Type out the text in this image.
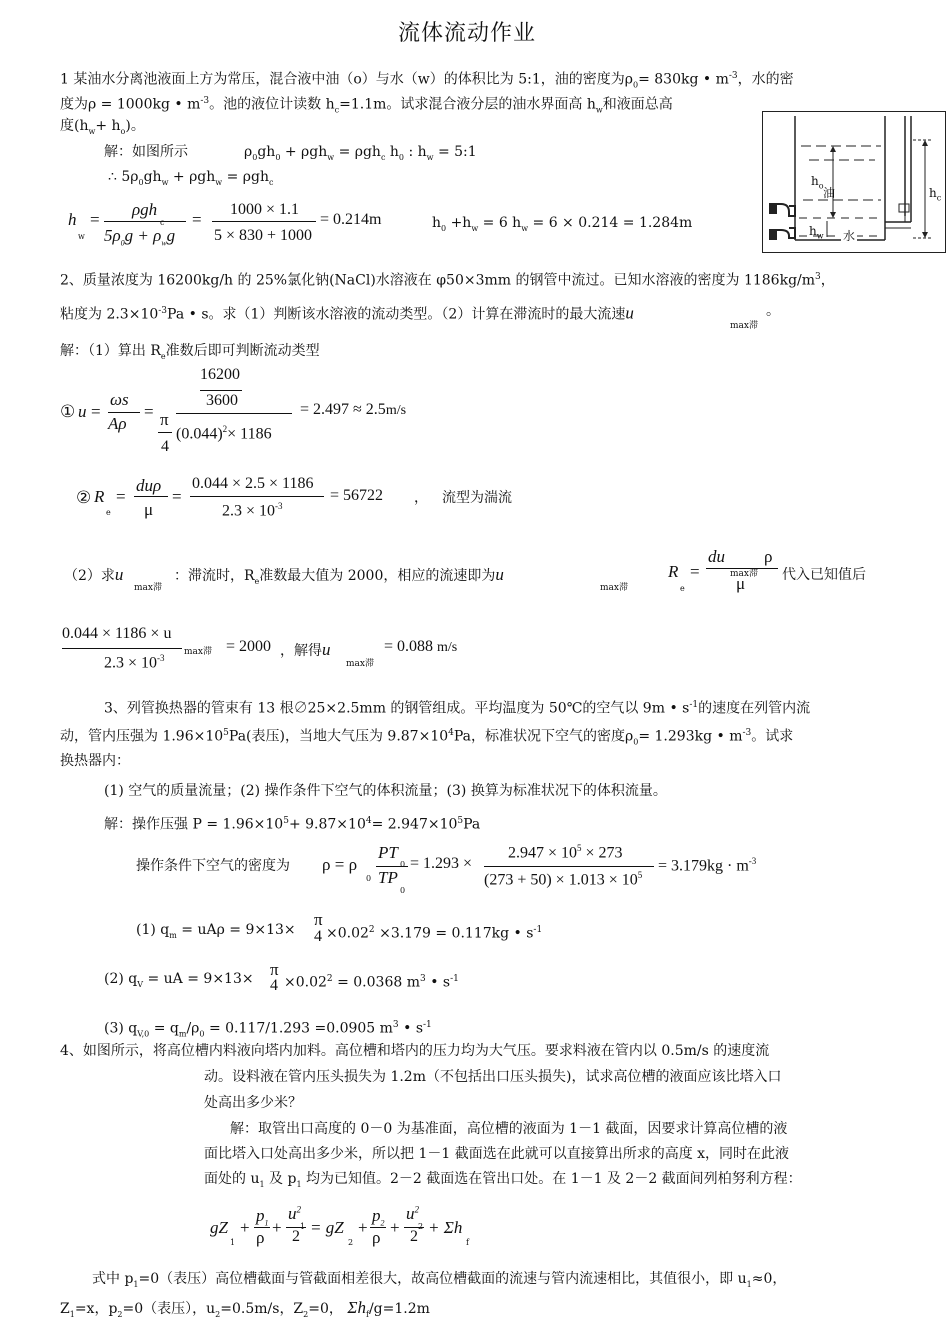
流体流动作业
1 某油水分离池液面上方为常压，混合液中油（o）与水（w）的体积比为 5:1，油的密度为$\rho_0= 830kg$ • $m^{-3}$，水的密
度为ρ = 1000kg • $m^{-3}$。池的液位计读数 $h_c=1.1m$。试求混合液分层的油水界面高 $h_w$和液面总高
度$(h_w+ h_o)$。
解：如图所示	$\rho_0gh_0 + \rho gh_w = \rho gh_c$ $h_0$ : $h_w$ = 5:1
∴ $5\rho_0gh_w + \rho gh_w = \rho gh_c$
h
w
=
ρgh
c
$5\rho_0g + \rho_wg$
=
1000 × 1.1
5 × 830 + 1000
= 0.214m	$h_0 +h_w = 6$ $h_w = 6 \times 0.214 = 1.284m$
$h_o$
油	$h_c$
$h_w$ 水
2、质量浓度为 16200kg/h 的 25%氯化钠(NaCl)水溶液在 φ50×3mm 的钢管中流过。已知水溶液的密度为 $1186kg/m^3$，
粘度为 $2.3\times 10^{-3}Pa$ • s。求（1）判断该水溶液的流动类型。（2）计算在滞流时的最大流速u
max滞
。
解：（1）算出 $R_e$准数后即可判断流动类型
16200
3600
① u =
ωs
Aρ
= π
4
$(0.044)^2\times 1186$
= 2.497 ≈ 2.5m/s
② R
e
=
duρ
μ
=
0.044 × 2.5 × 1186
$2.3 \times 10^{-3}$
= 56722 ， 流型为湍流
（2）求u
max滞
：滞流时，$R_e$准数最大值为 2000，相应的流速即为u
max滞
R
e
=
du
max滞
ρ
μ	代入已知值后
0.044 × 1186 × u
max滞
$2.3 \times 10^{-3}$
= 2000 ，解得u
max滞
= 0.088 m/s
3、列管换热器的管束有 13 根∅25×2.5mm 的钢管组成。平均温度为 50℃的空气以 9m • $s^{-1}$的速度在列管内流
动，管内压强为 $1.96\times 10^5Pa$(表压)，当地大气压为 $9.87\times 10^4Pa$，标准状况下空气的密度$\rho_0= 1.293kg$ • $m^{-3}$。试求
换热器内：
(1) 空气的质量流量；(2) 操作条件下空气的体积流量；(3) 换算为标准状况下的体积流量。
解：操作压强 $P = 1.96\times 10^5+ 9.87\times 10^4= 2.947\times 10^5Pa$
操作条件下空气的密度为 ρ = ρ
0
PT
0
TP
0
= 1.293 ×
$2.947 \times 10^5 \times 273$
$(273 + 50) \times 1.013 \times 10^5$
= $3.179kg \cdot m^{-3}$
(1) $q_m = uA\rho = 9\times 13\times$
π
$4 \times 0.02^2 \times 3.179 = 0.117kg$ • $s^{-1}$
(2) $q_V$ = uA = 9×13× π
$4 \times 0.02^2 = 0.0368$ $m^3$ • $s^{-1}$
(3) $q_{V,0} = q_m/\rho_0 = 0.117/1.293 =0.0905$ $m^3$ • $s^{-1}$
4、如图所示，将高位槽内料液向塔内加料。高位槽和塔内的压力均为大气压。要求料液在管内以 0.5m/s 的速度流
动。设料液在管内压头损失为 1.2m（不包括出口压头损失)，试求高位槽的液面应该比塔入口
处高出多少米？
解：取管出口高度的 0－0 为基准面，高位槽的液面为 1－1 截面，因要求计算高位槽的液
面比塔入口处高出多少米，所以把 1－1 截面选在此就可以直接算出所求的高度 x，同时在此液
面处的 $u_1$ 及 $p_1$ 均为已知值。2－2 截面选在管出口处。在 1－1 及 2－2 截面间列柏努利方程：
gZ
1
+
$p_1$
ρ
+
$u^2$
1
2 = gZ
2
+
$p_2$
ρ
+
$u^2$
2
2 + Σh
f
式中 $p_1=0$（表压）高位槽截面与管截面相差很大，故高位槽截面的流速与管内流速相比，其值很小，即 $u_1\approx 0$，
$Z_1=x$，$p_2=0$（表压），$u_2=0.5m/s$，$Z_2=0$， $\Sigma h_f/g=1.2m$
